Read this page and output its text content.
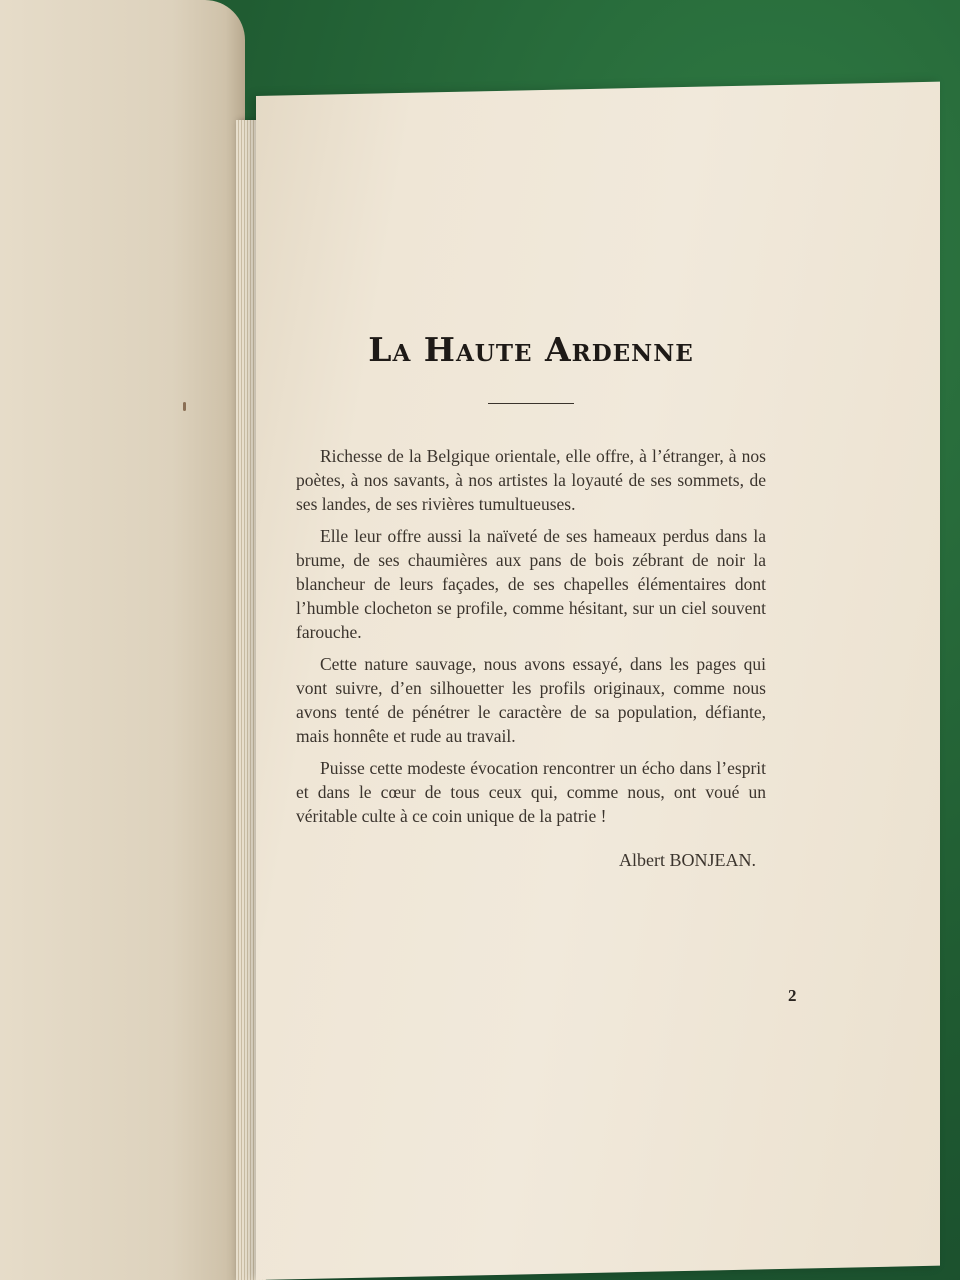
La Haute Ardenne

Richesse de la Belgique orientale, elle offre, à l’étranger, à nos poètes, à nos savants, à nos artistes la loyauté de ses sommets, de ses landes, de ses rivières tumultueuses.

Elle leur offre aussi la naïveté de ses hameaux perdus dans la brume, de ses chaumières aux pans de bois zébrant de noir la blancheur de leurs façades, de ses chapelles élémentaires dont l’humble clocheton se profile, comme hésitant, sur un ciel souvent farouche.

Cette nature sauvage, nous avons essayé, dans les pages qui vont suivre, d’en silhouetter les profils originaux, comme nous avons tenté de pénétrer le caractère de sa population, défiante, mais honnête et rude au travail.

Puisse cette modeste évocation rencontrer un écho dans l’esprit et dans le cœur de tous ceux qui, comme nous, ont voué un véritable culte à ce coin unique de la patrie !

Albert BONJEAN.

2
